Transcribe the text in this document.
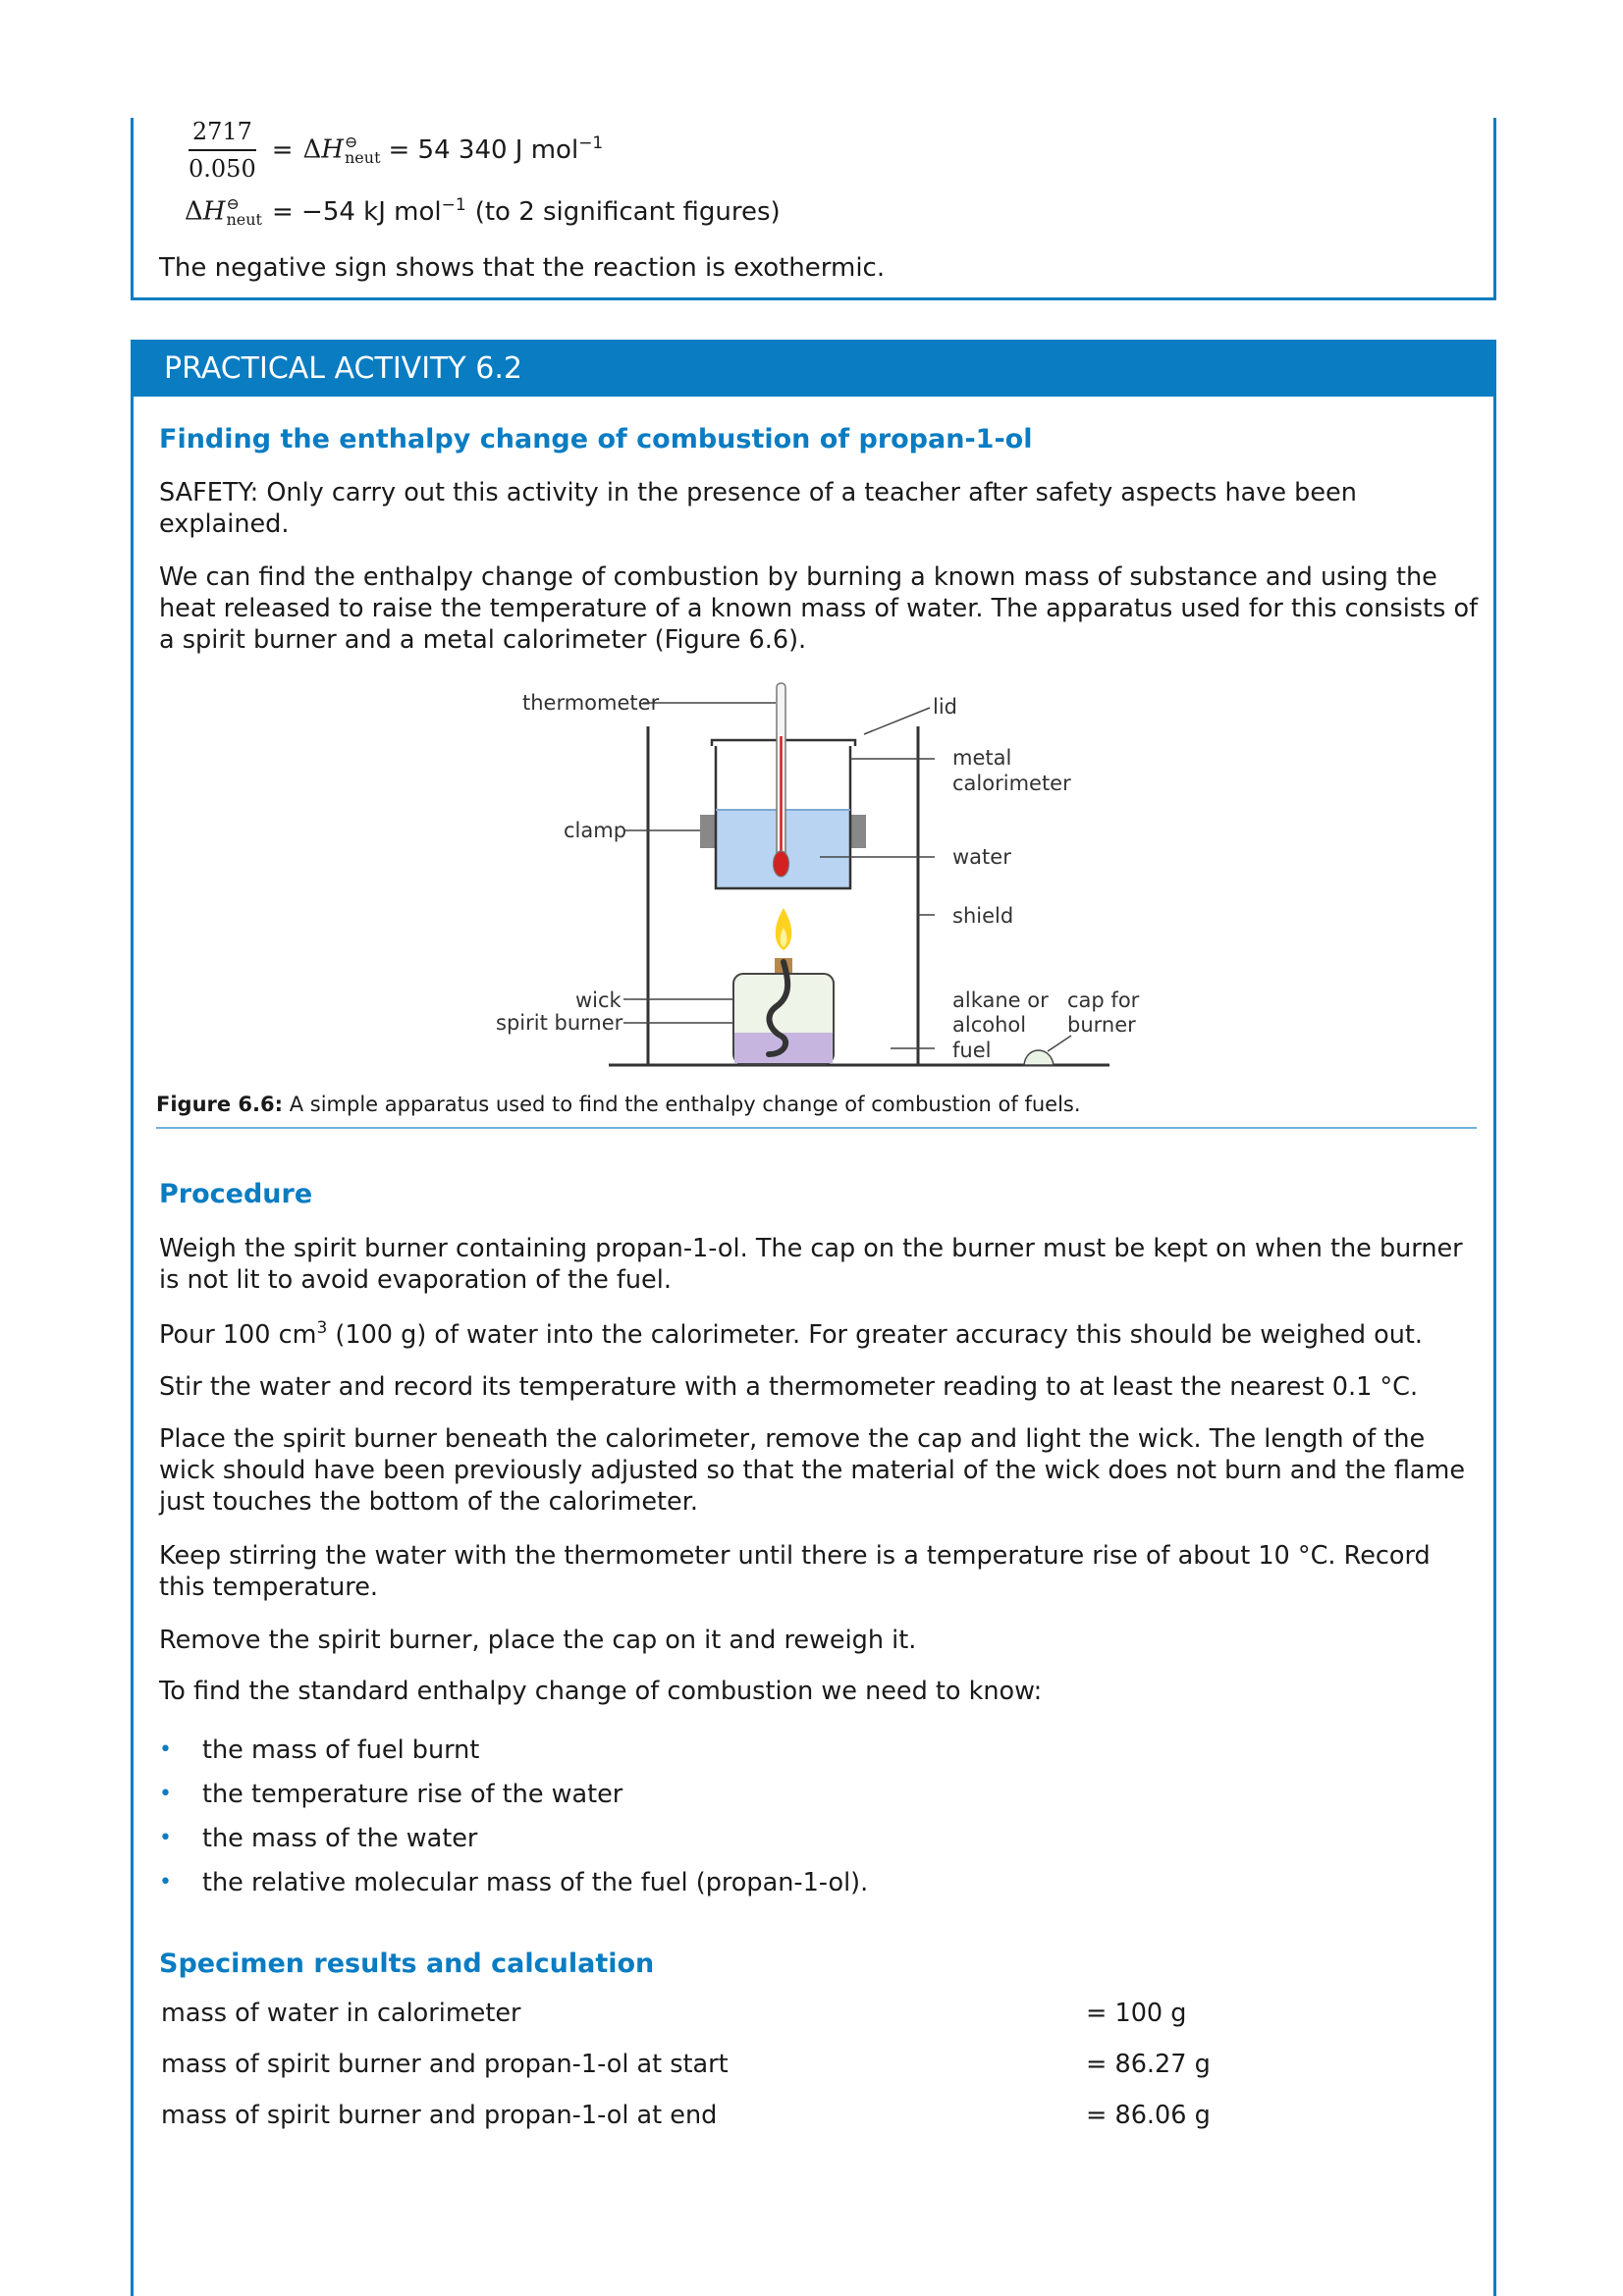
$\frac{2717}{0.050} = \Delta H$ ⊖
neut = 54 340 J mol$^{-1}$
ΔH ⊖
neut = −54 kJ mol$^{-1}$ (to 2 significant figures)
The negative sign shows that the reaction is exothermic.
PRACTICAL ACTIVITY 6.2
Finding the enthalpy change of combustion of propan-1-ol
SAFETY: Only carry out this activity in the presence of a teacher after safety aspects have been explained.
We can find the enthalpy change of combustion by burning a known mass of substance and using the heat released to raise the temperature of a known mass of water. The apparatus used for this consists of a spirit burner and a metal calorimeter (Figure 6.6).
thermometer	lid
metal
calorimeter
clamp
water
shield
wick
spirit burner
alkane or
alcohol
fuel
cap for
burner
Figure 6.6: A simple apparatus used to find the enthalpy change of combustion of fuels.
Procedure
Weigh the spirit burner containing propan-1-ol. The cap on the burner must be kept on when the burner is not lit to avoid evaporation of the fuel.
Pour 100 $cm^3$ (100 g) of water into the calorimeter. For greater accuracy this should be weighed out.
Stir the water and record its temperature with a thermometer reading to at least the nearest 0.1 °C.
Place the spirit burner beneath the calorimeter, remove the cap and light the wick. The length of the wick should have been previously adjusted so that the material of the wick does not burn and the flame just touches the bottom of the calorimeter.
Keep stirring the water with the thermometer until there is a temperature rise of about 10 °C. Record this temperature.
Remove the spirit burner, place the cap on it and reweigh it.
To find the standard enthalpy change of combustion we need to know:
•	the mass of fuel burnt
•	the temperature rise of the water
•	the mass of the water
•	the relative molecular mass of the fuel (propan-1-ol).
Specimen results and calculation
mass of water in calorimeter	= 100 g
mass of spirit burner and propan-1-ol at start	= 86.27 g
mass of spirit burner and propan-1-ol at end	= 86.06 g
